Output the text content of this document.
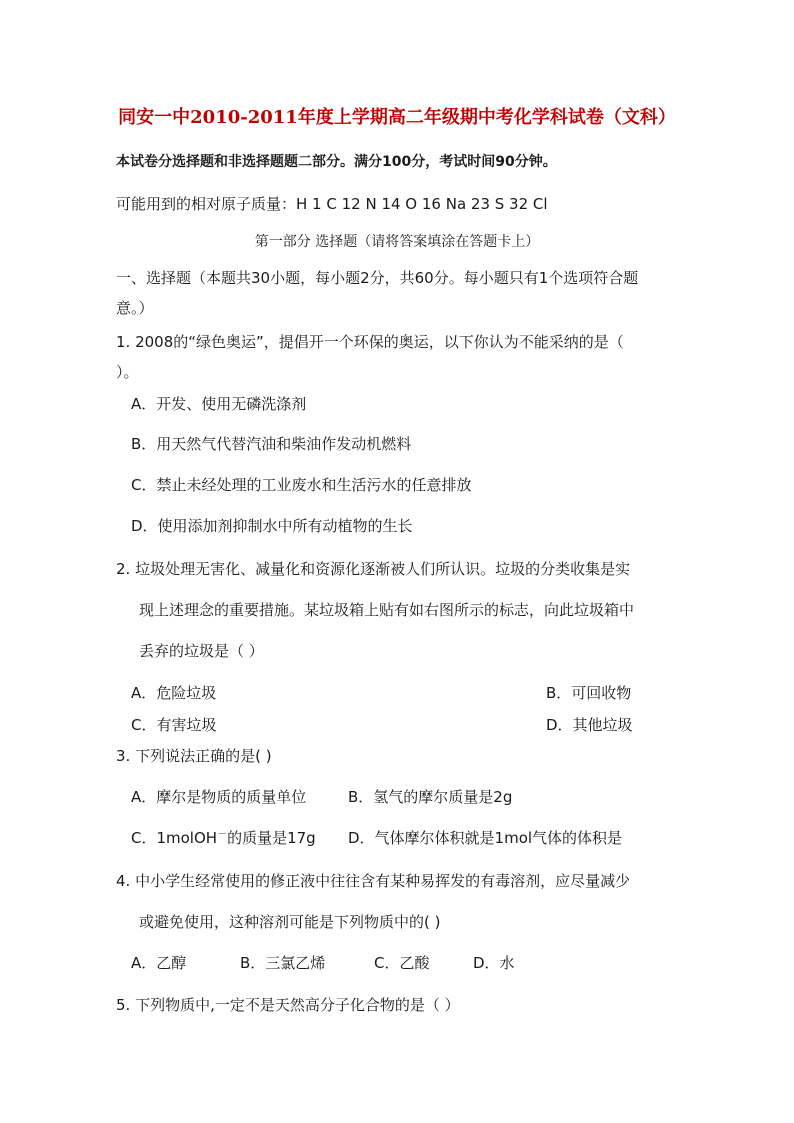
同安一中2010-2011年度上学期高二年级期中考化学科试卷（文科）
本试卷分选择题和非选择题题二部分。满分100分，考试时间90分钟。
可能用到的相对原子质量：H 1 C 12 N 14 O 16 Na 23 S 32 Cl
第一部分 选择题（请将答案填涂在答题卡上）
一、选择题（本题共30小题，每小题2分，共60分。每小题只有1个选项符合题
意。）
1. 2008的“绿色奥运”，提倡开一个环保的奥运，以下你认为不能采纳的是（
）。
A．开发、使用无磷洗涤剂
B．用天然气代替汽油和柴油作发动机燃料
C．禁止未经处理的工业废水和生活污水的任意排放
D．使用添加剂抑制水中所有动植物的生长
2. 垃圾处理无害化、减量化和资源化逐渐被人们所认识。垃圾的分类收集是实
现上述理念的重要措施。某垃圾箱上贴有如右图所示的标志，向此垃圾箱中
丢弃的垃圾是（ ）
A．危险垃圾	B．可回收物
C．有害垃圾	D．其他垃圾
3. 下列说法正确的是( )
A．摩尔是物质的质量单位	B．氢气的摩尔质量是2g
C．1molOH－的质量是17g D．气体摩尔体积就是1mol气体的体积是
4. 中小学生经常使用的修正液中往往含有某种易挥发的有毒溶剂，应尽量减少
或避免使用，这种溶剂可能是下列物质中的( )
A．乙醇	B．三氯乙烯	C．乙酸	D．水
5. 下列物质中,一定不是天然高分子化合物的是（ ）
